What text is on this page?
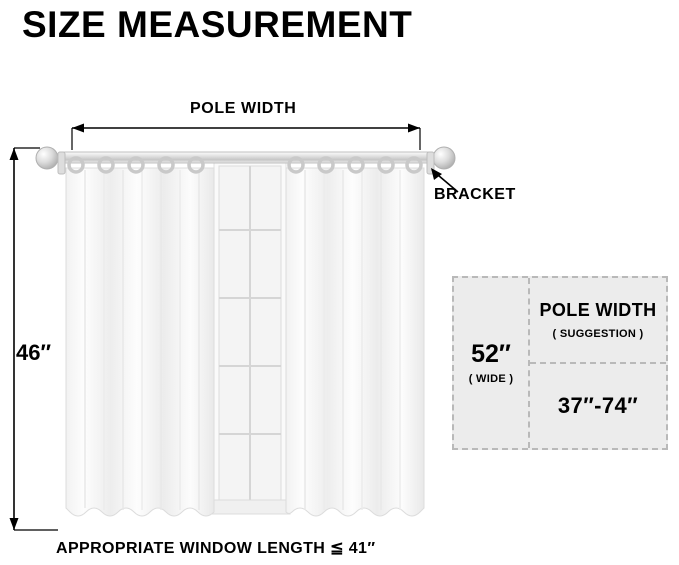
SIZE MEASUREMENT
POLE WIDTH
46″
BRACKET
APPROPRIATE WINDOW LENGTH ≦ 41″
52″
( WIDE )
POLE WIDTH
( SUGGESTION )
37″-74″
